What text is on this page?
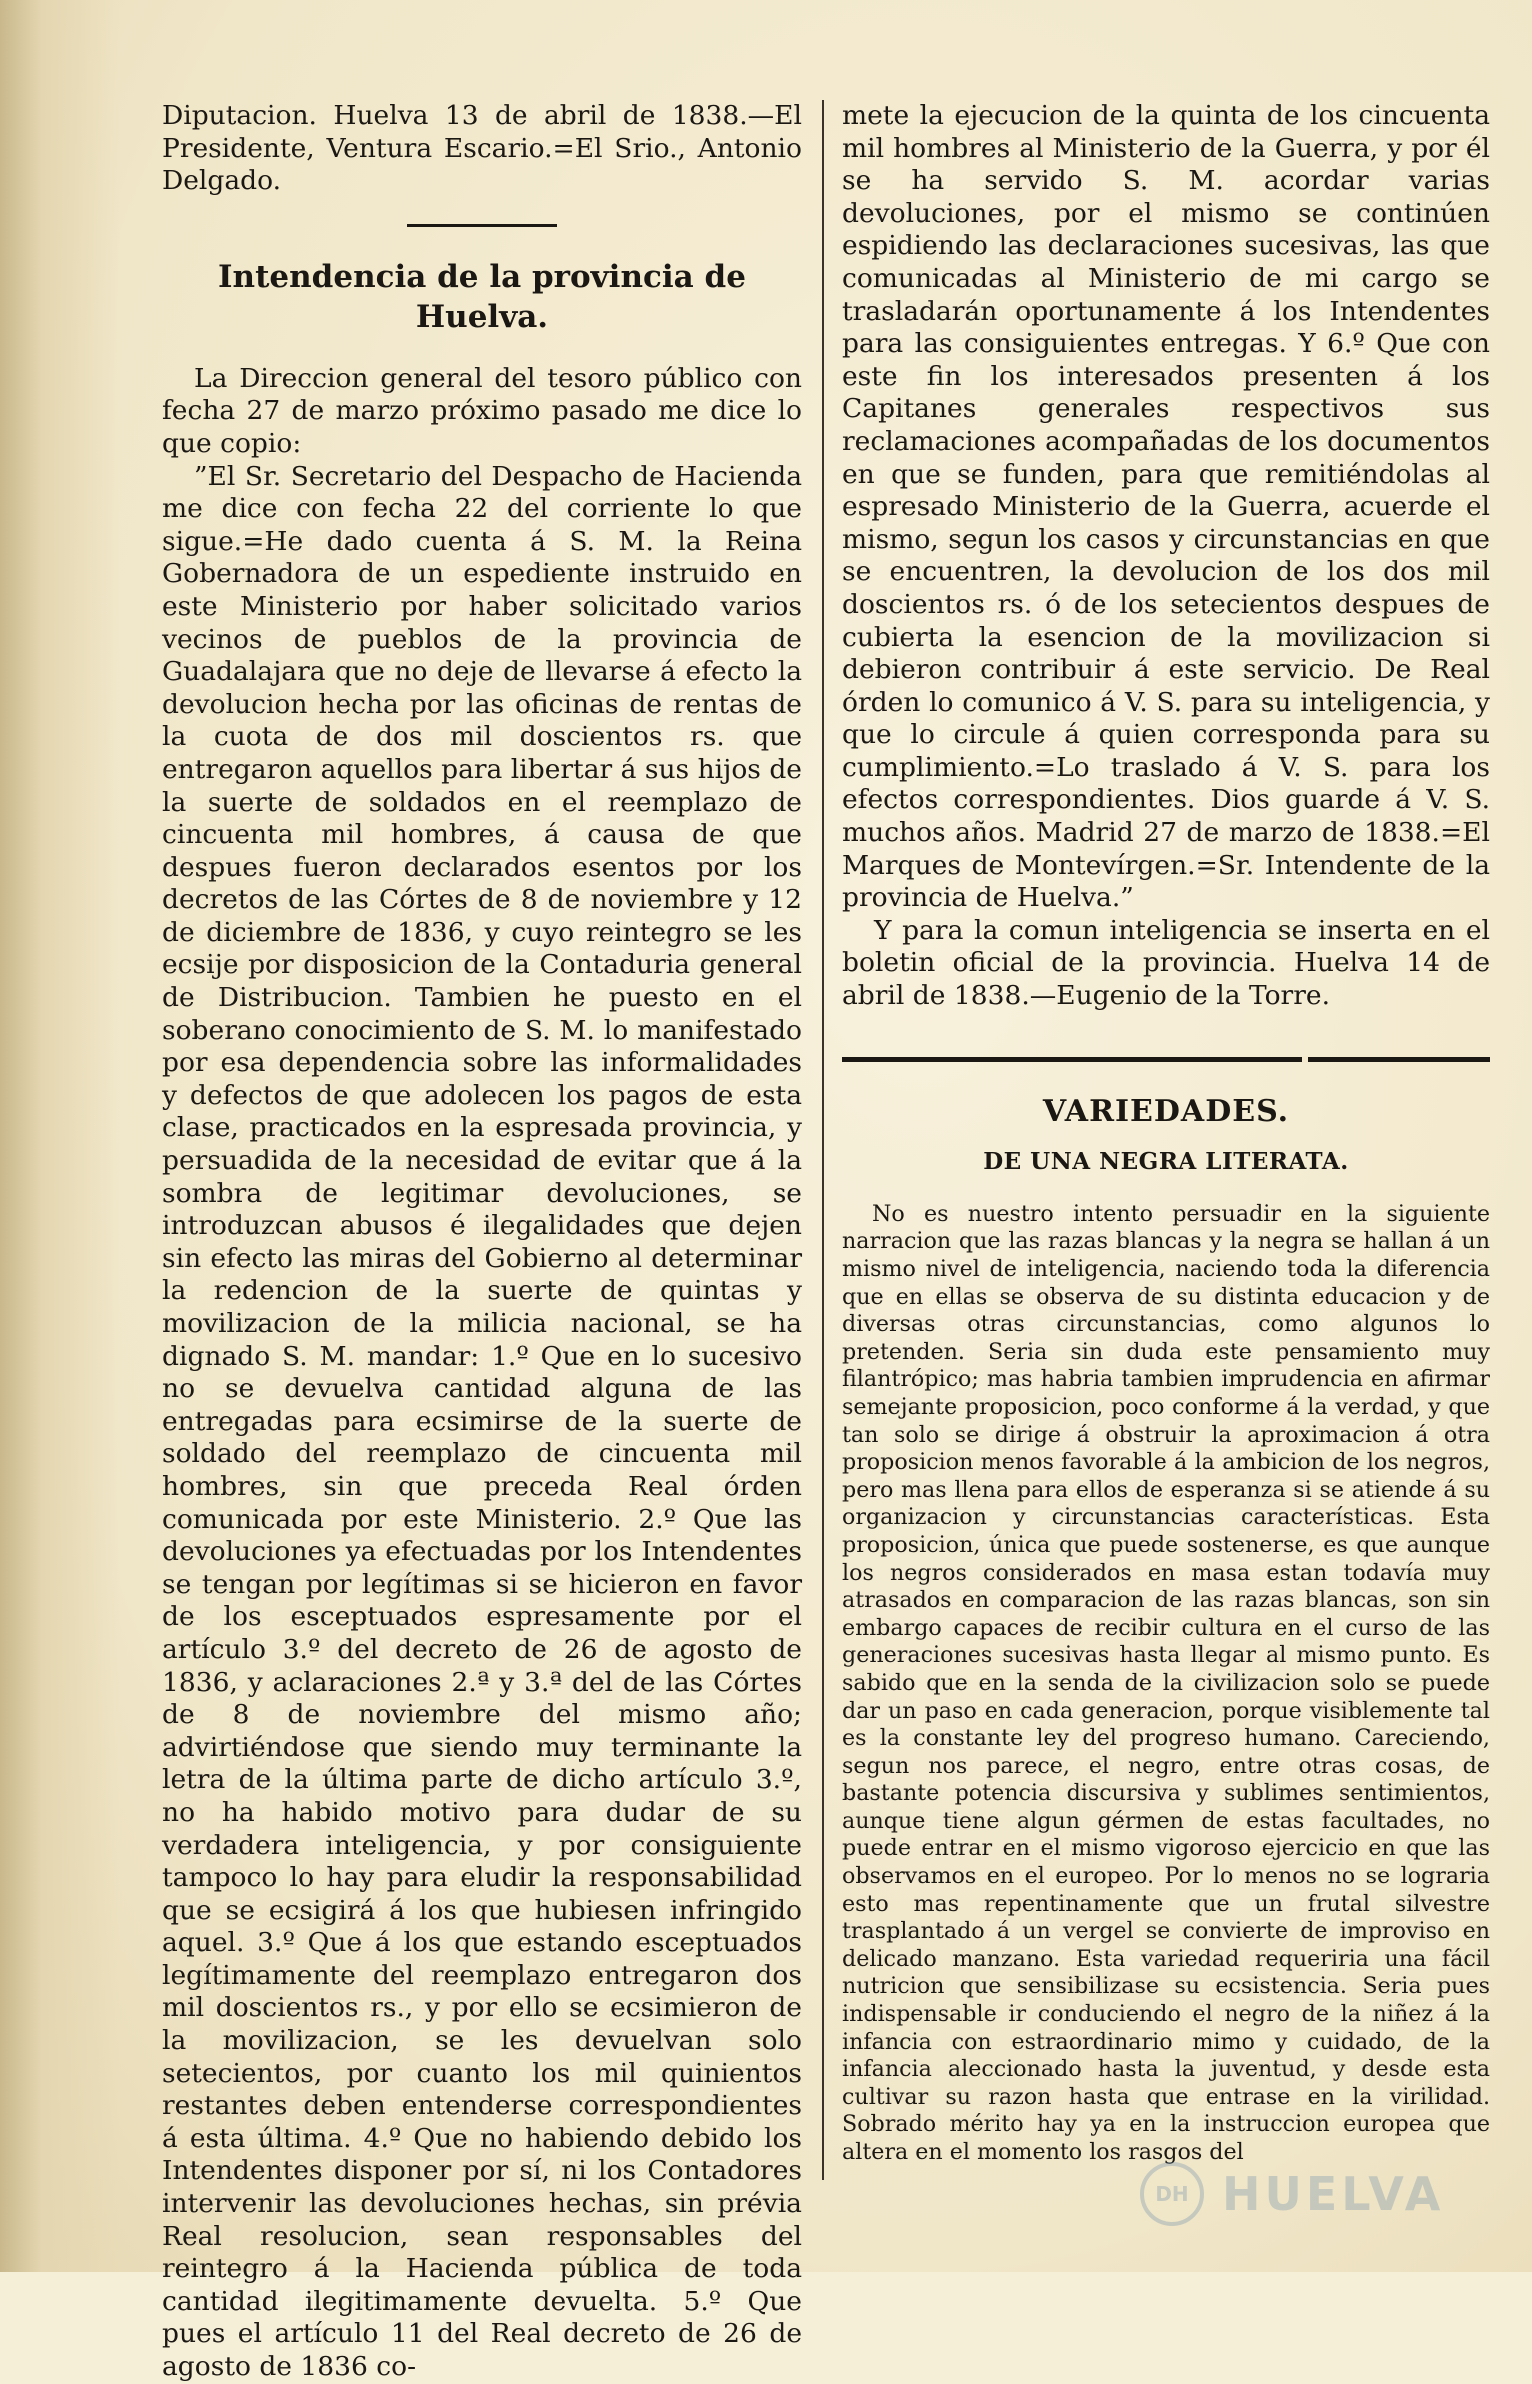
Diputacion. Huelva 13 de abril de 1838.—El Presidente, Ventura Escario.=El Srio., Antonio Delgado.

Intendencia de la provincia de Huelva.

La Direccion general del tesoro público con fecha 27 de marzo próximo pasado me dice lo que copio:

”El Sr. Secretario del Despacho de Hacienda me dice con fecha 22 del corriente lo que sigue.=He dado cuenta á S. M. la Reina Gobernadora de un espediente instruido en este Ministerio por haber solicitado varios vecinos de pueblos de la provincia de Guadalajara que no deje de llevarse á efecto la devolucion hecha por las oficinas de rentas de la cuota de dos mil doscientos rs. que entregaron aquellos para libertar á sus hijos de la suerte de soldados en el reemplazo de cincuenta mil hombres, á causa de que despues fueron declarados esentos por los decretos de las Córtes de 8 de noviembre y 12 de diciembre de 1836, y cuyo reintegro se les ecsije por disposicion de la Contaduria general de Distribucion. Tambien he puesto en el soberano conocimiento de S. M. lo manifestado por esa dependencia sobre las informalidades y defectos de que adolecen los pagos de esta clase, practicados en la espresada provincia, y persuadida de la necesidad de evitar que á la sombra de legitimar devoluciones, se introduzcan abusos é ilegalidades que dejen sin efecto las miras del Gobierno al determinar la redencion de la suerte de quintas y movilizacion de la milicia nacional, se ha dignado S. M. mandar: 1.º Que en lo sucesivo no se devuelva cantidad alguna de las entregadas para ecsimirse de la suerte de soldado del reemplazo de cincuenta mil hombres, sin que preceda Real órden comunicada por este Ministerio. 2.º Que las devoluciones ya efectuadas por los Intendentes se tengan por legítimas si se hicieron en favor de los esceptuados espresamente por el artículo 3.º del decreto de 26 de agosto de 1836, y aclaraciones 2.ª y 3.ª del de las Córtes de 8 de noviembre del mismo año; advirtiéndose que siendo muy terminante la letra de la última parte de dicho artículo 3.º, no ha habido motivo para dudar de su verdadera inteligencia, y por consiguiente tampoco lo hay para eludir la responsabilidad que se ecsigirá á los que hubiesen infringido aquel. 3.º Que á los que estando esceptuados legítimamente del reemplazo entregaron dos mil doscientos rs., y por ello se ecsimieron de la movilizacion, se les devuelvan solo setecientos, por cuanto los mil quinientos restantes deben entenderse correspondientes á esta última. 4.º Que no habiendo debido los Intendentes disponer por sí, ni los Contadores intervenir las devoluciones hechas, sin prévia Real resolucion, sean responsables del reintegro á la Hacienda pública de toda cantidad ilegitimamente devuelta. 5.º Que pues el artículo 11 del Real decreto de 26 de agosto de 1836 co-

mete la ejecucion de la quinta de los cincuenta mil hombres al Ministerio de la Guerra, y por él se ha servido S. M. acordar varias devoluciones, por el mismo se continúen espidiendo las declaraciones sucesivas, las que comunicadas al Ministerio de mi cargo se trasladarán oportunamente á los Intendentes para las consiguientes entregas. Y 6.º Que con este fin los interesados presenten á los Capitanes generales respectivos sus reclamaciones acompañadas de los documentos en que se funden, para que remitiéndolas al espresado Ministerio de la Guerra, acuerde el mismo, segun los casos y circunstancias en que se encuentren, la devolucion de los dos mil doscientos rs. ó de los setecientos despues de cubierta la esencion de la movilizacion si debieron contribuir á este servicio. De Real órden lo comunico á V. S. para su inteligencia, y que lo circule á quien corresponda para su cumplimiento.=Lo traslado á V. S. para los efectos correspondientes. Dios guarde á V. S. muchos años. Madrid 27 de marzo de 1838.=El Marques de Montevírgen.=Sr. Intendente de la provincia de Huelva.”

Y para la comun inteligencia se inserta en el boletin oficial de la provincia. Huelva 14 de abril de 1838.—Eugenio de la Torre.

VARIEDADES.
DE UNA NEGRA LITERATA.

No es nuestro intento persuadir en la siguiente narracion que las razas blancas y la negra se hallan á un mismo nivel de inteligencia, naciendo toda la diferencia que en ellas se observa de su distinta educacion y de diversas otras circunstancias, como algunos lo pretenden. Seria sin duda este pensamiento muy filantrópico; mas habria tambien imprudencia en afirmar semejante proposicion, poco conforme á la verdad, y que tan solo se dirige á obstruir la aproximacion á otra proposicion menos favorable á la ambicion de los negros, pero mas llena para ellos de esperanza si se atiende á su organizacion y circunstancias características. Esta proposicion, única que puede sostenerse, es que aunque los negros considerados en masa estan todavía muy atrasados en comparacion de las razas blancas, son sin embargo capaces de recibir cultura en el curso de las generaciones sucesivas hasta llegar al mismo punto. Es sabido que en la senda de la civilizacion solo se puede dar un paso en cada generacion, porque visiblemente tal es la constante ley del progreso humano. Careciendo, segun nos parece, el negro, entre otras cosas, de bastante potencia discursiva y sublimes sentimientos, aunque tiene algun gérmen de estas facultades, no puede entrar en el mismo vigoroso ejercicio en que las observamos en el europeo. Por lo menos no se lograria esto mas repentinamente que un frutal silvestre trasplantado á un vergel se convierte de improviso en delicado manzano. Esta variedad requeriria una fácil nutricion que sensibilizase su ecsistencia. Seria pues indispensable ir conduciendo el negro de la niñez á la infancia con estraordinario mimo y cuidado, de la infancia aleccionado hasta la juventud, y desde esta cultivar su razon hasta que entrase en la virilidad. Sobrado mérito hay ya en la instruccion europea que altera en el momento los rasgos del

DH HUELVA
